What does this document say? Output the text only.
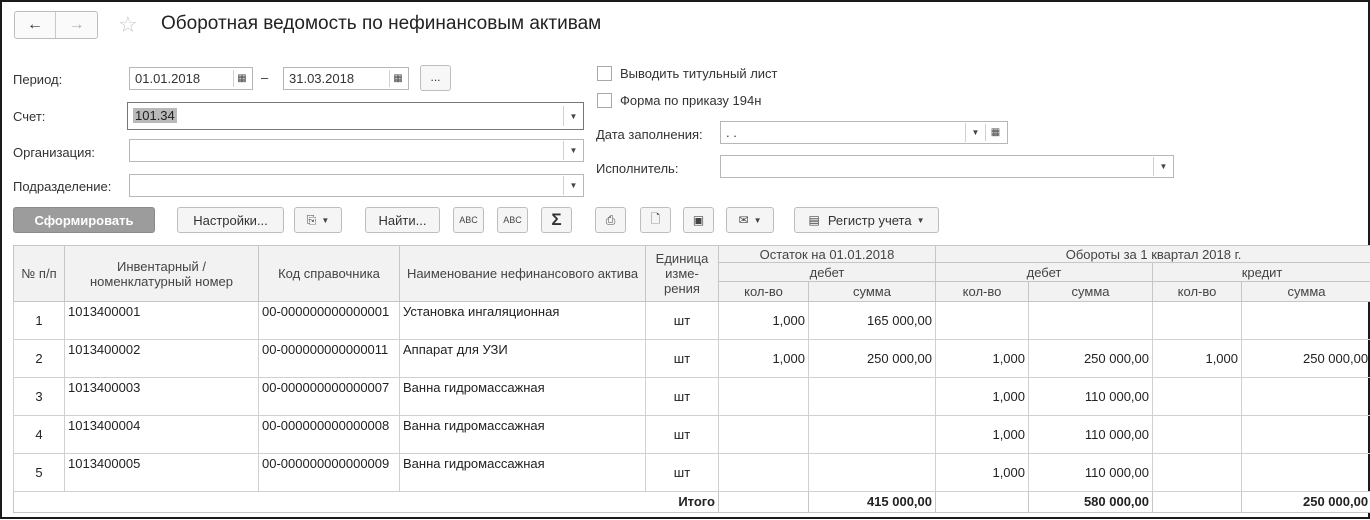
←	→	☆ Оборотная ведомость по нефинансовым активам
Период:	01.01.2018	▦ –	31.03.2018	▦	...
Счет:	101.34	▼
Организация:	▼
Подразделение:	▼
Выводить титульный лист
Форма по приказу 194н
Дата заполнения:	. .	▼	▦
Исполнитель:	▼
Сформировать	Настройки...	⎘ ▼	Найти...	ABC	ABC	Σ	⎙	🗋	▣	✉ ▼	▤ Регистр учета ▼
№ п/п	Инвентарный / номенклатурный номер	Код справочника	Наименование нефинансового актива	Единица изме- рения	Остаток на 01.01.2018		Обороты за 1 квартал 2018 г.			
					дебет		дебет		кредит	
					кол-во	сумма	кол-во	сумма	кол-во	сумма
1	1013400001	00-000000000000001	Установка ингаляционная	шт	1,000	165 000,00				
2	1013400002	00-000000000000011	Аппарат для УЗИ	шт	1,000	250 000,00	1,000	250 000,00	1,000	250 000,00
3	1013400003	00-000000000000007	Ванна гидромассажная	шт			1,000	110 000,00		
4	1013400004	00-000000000000008	Ванна гидромассажная	шт			1,000	110 000,00		
5	1013400005	00-000000000000009	Ванна гидромассажная	шт			1,000	110 000,00		
Итого						415 000,00		580 000,00		250 000,00
